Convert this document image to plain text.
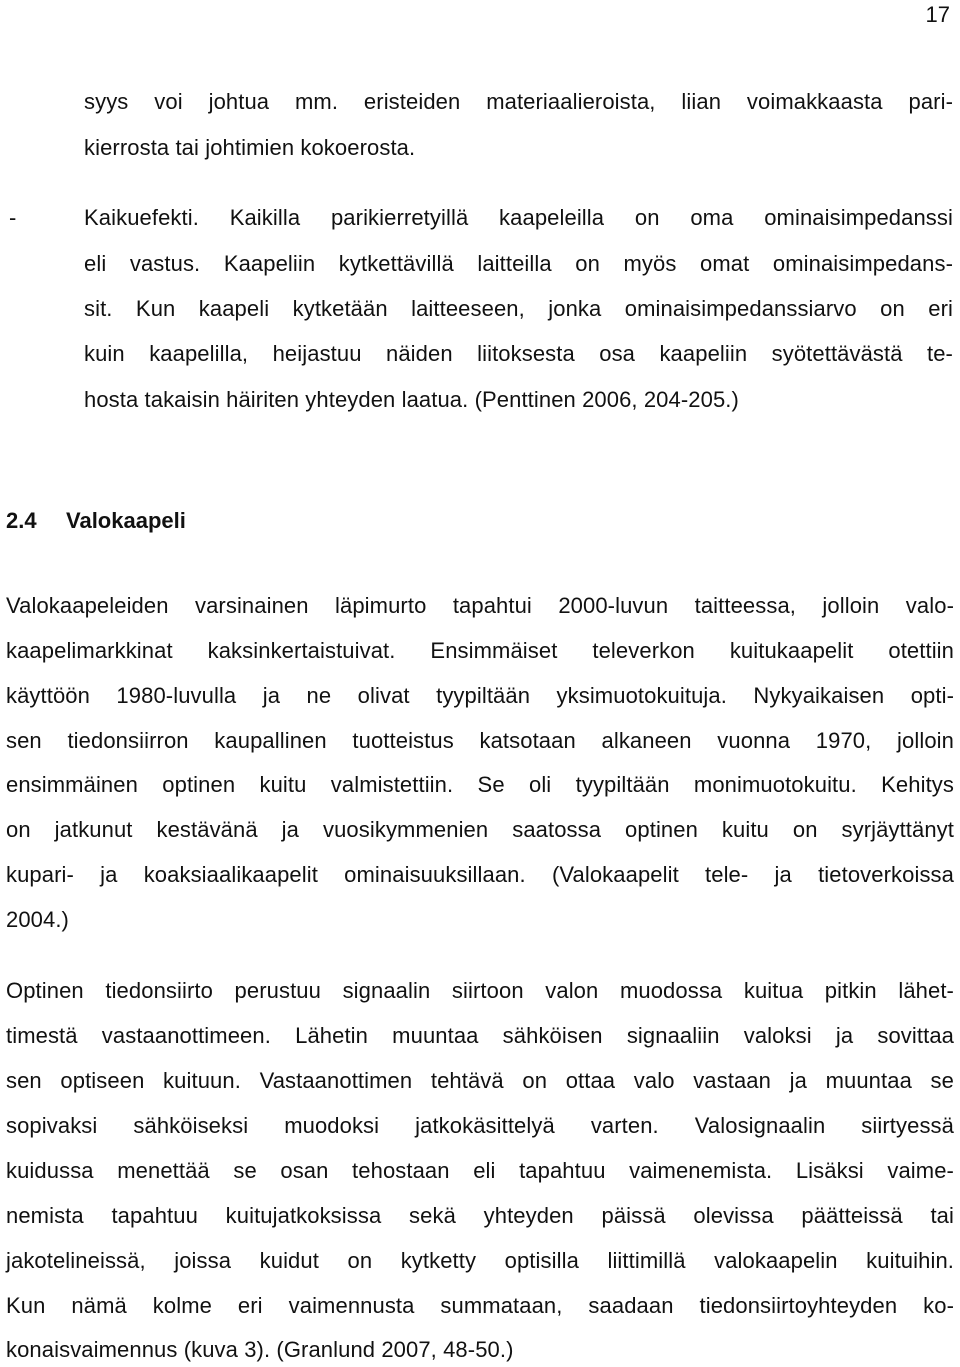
17
syys voi johtua mm. eristeiden materiaalieroista, liian voimakkaasta pari-
kierrosta tai johtimien kokoerosta.
-	Kaikuefekti. Kaikilla parikierretyillä kaapeleilla on oma ominaisimpedanssi
eli vastus. Kaapeliin kytkettävillä laitteilla on myös omat ominaisimpedans-
sit. Kun kaapeli kytketään laitteeseen, jonka ominaisimpedanssiarvo on eri
kuin kaapelilla, heijastuu näiden liitoksesta osa kaapeliin syötettävästä te-
hosta takaisin häiriten yhteyden laatua. (Penttinen 2006, 204-205.)
2.4 Valokaapeli
Valokaapeleiden varsinainen läpimurto tapahtui 2000-luvun taitteessa, jolloin valo-
kaapelimarkkinat kaksinkertaistuivat. Ensimmäiset televerkon kuitukaapelit otettiin
käyttöön 1980-luvulla ja ne olivat tyypiltään yksimuotokuituja. Nykyaikaisen opti-
sen tiedonsiirron kaupallinen tuotteistus katsotaan alkaneen vuonna 1970, jolloin
ensimmäinen optinen kuitu valmistettiin. Se oli tyypiltään monimuotokuitu. Kehitys
on jatkunut kestävänä ja vuosikymmenien saatossa optinen kuitu on syrjäyttänyt
kupari- ja koaksiaalikaapelit ominaisuuksillaan. (Valokaapelit tele- ja tietoverkoissa
2004.)
Optinen tiedonsiirto perustuu signaalin siirtoon valon muodossa kuitua pitkin lähet-
timestä vastaanottimeen. Lähetin muuntaa sähköisen signaaliin valoksi ja sovittaa
sen optiseen kuituun. Vastaanottimen tehtävä on ottaa valo vastaan ja muuntaa se
sopivaksi sähköiseksi muodoksi jatkokäsittelyä varten. Valosignaalin siirtyessä
kuidussa menettää se osan tehostaan eli tapahtuu vaimenemista. Lisäksi vaime-
nemista tapahtuu kuitujatkoksissa sekä yhteyden päissä olevissa päätteissä tai
jakotelineissä, joissa kuidut on kytketty optisilla liittimillä valokaapelin kuituihin.
Kun nämä kolme eri vaimennusta summataan, saadaan tiedonsiirtoyhteyden ko-
konaisvaimennus (kuva 3). (Granlund 2007, 48-50.)
